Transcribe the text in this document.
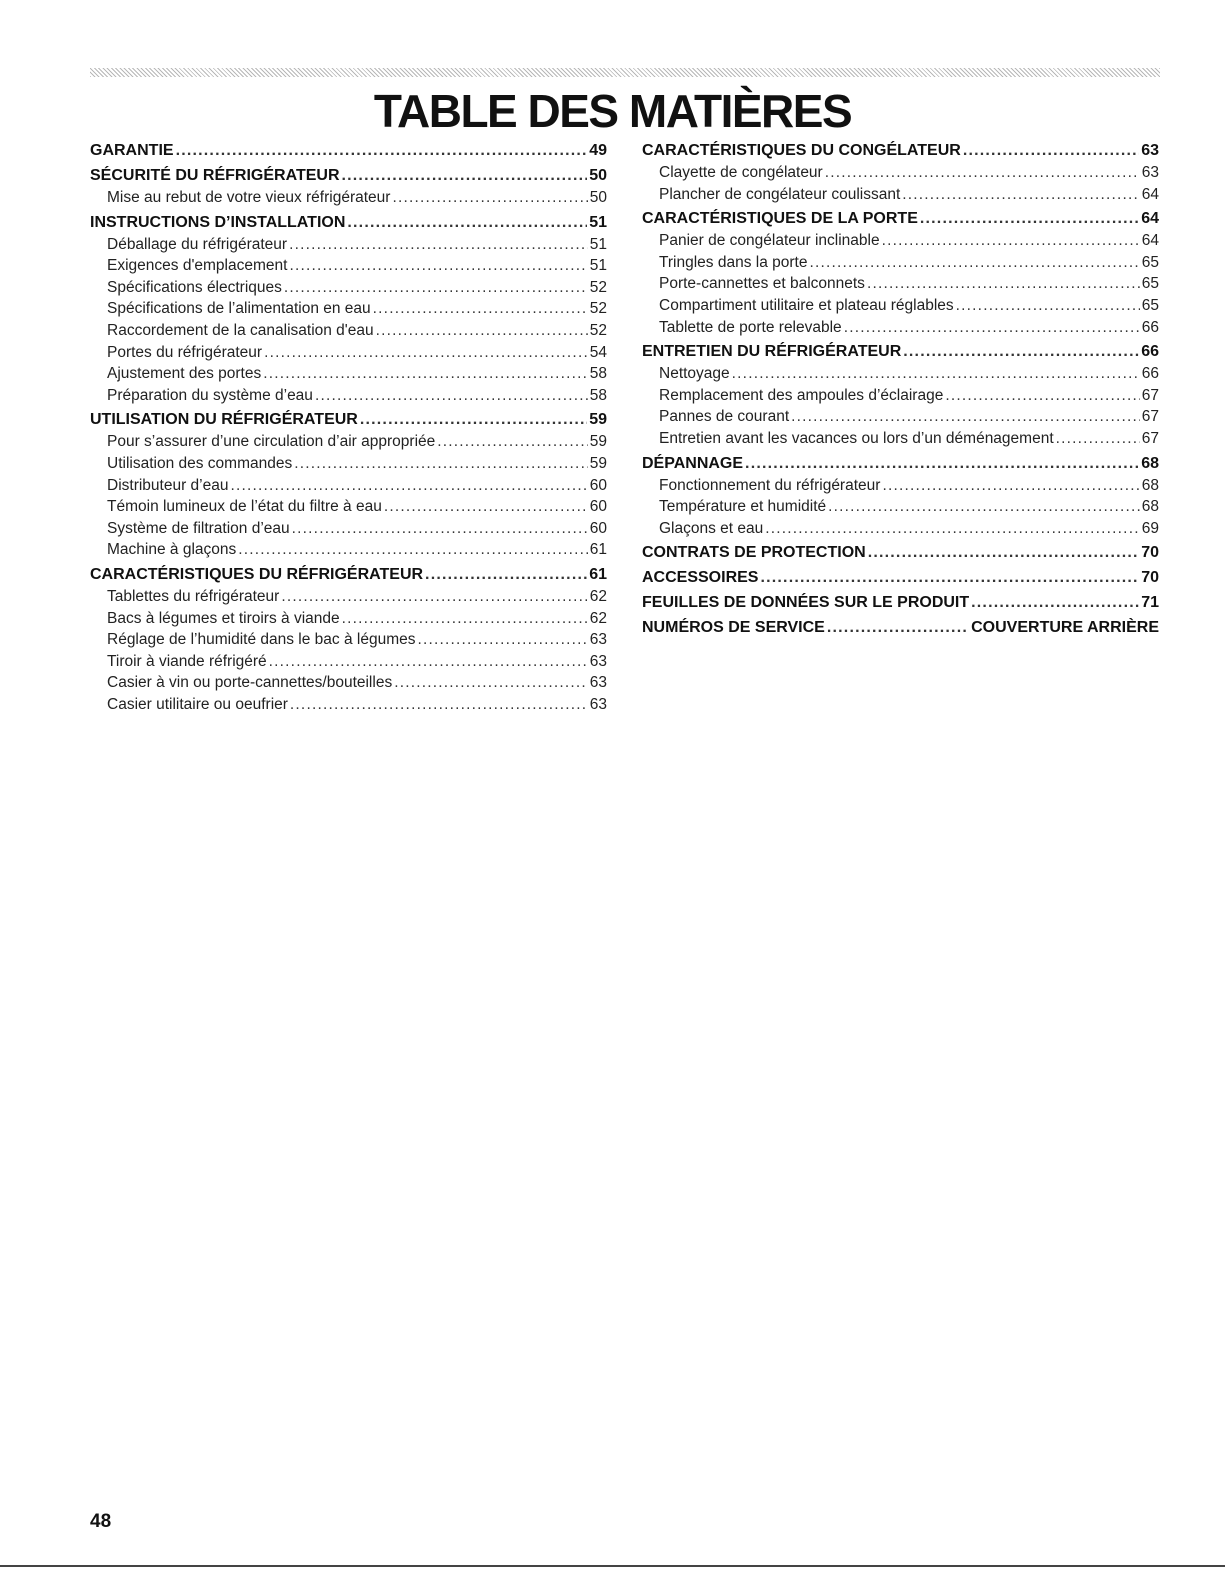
TABLE DES MATIÈRES
GARANTIE .....	49
SÉCURITÉ DU RÉFRIGÉRATEUR .....	50
Mise au rebut de votre vieux réfrigérateur .....	50
INSTRUCTIONS D’INSTALLATION .....	51
Déballage du réfrigérateur .....	51
Exigences d'emplacement .....	51
Spécifications électriques .....	52
Spécifications de l’alimentation en eau .....	52
Raccordement de la canalisation d'eau .....	52
Portes du réfrigérateur .....	54
Ajustement des portes .....	58
Préparation du système d’eau .....	58
UTILISATION DU RÉFRIGÉRATEUR .....	59
Pour s’assurer d’une circulation d’air appropriée .....	59
Utilisation des commandes .....	59
Distributeur d’eau .....	60
Témoin lumineux de l’état du filtre à eau .....	60
Système de filtration d’eau .....	60
Machine à glaçons .....	61
CARACTÉRISTIQUES DU RÉFRIGÉRATEUR .....	61
Tablettes du réfrigérateur .....	62
Bacs à légumes et tiroirs à viande .....	62
Réglage de l’humidité dans le bac à légumes .....	63
Tiroir à viande réfrigéré .....	63
Casier à vin ou porte-cannettes/bouteilles .....	63
Casier utilitaire ou oeufrier .....	63
CARACTÉRISTIQUES DU CONGÉLATEUR .....	63
Clayette de congélateur .....	63
Plancher de congélateur coulissant .....	64
CARACTÉRISTIQUES DE LA PORTE .....	64
Panier de congélateur inclinable .....	64
Tringles dans la porte .....	65
Porte-cannettes et balconnets .....	65
Compartiment utilitaire et plateau réglables .....	65
Tablette de porte relevable .....	66
ENTRETIEN DU RÉFRIGÉRATEUR .....	66
Nettoyage .....	66
Remplacement des ampoules d’éclairage .....	67
Pannes de courant .....	67
Entretien avant les vacances ou lors d’un déménagement .....	67
DÉPANNAGE .....	68
Fonctionnement du réfrigérateur .....	68
Température et humidité .....	68
Glaçons et eau .....	69
CONTRATS DE PROTECTION .....	70
ACCESSOIRES .....	70
FEUILLES DE DONNÉES SUR LE PRODUIT .....	71
NUMÉROS DE SERVICE .....	COUVERTURE ARRIÈRE
48
